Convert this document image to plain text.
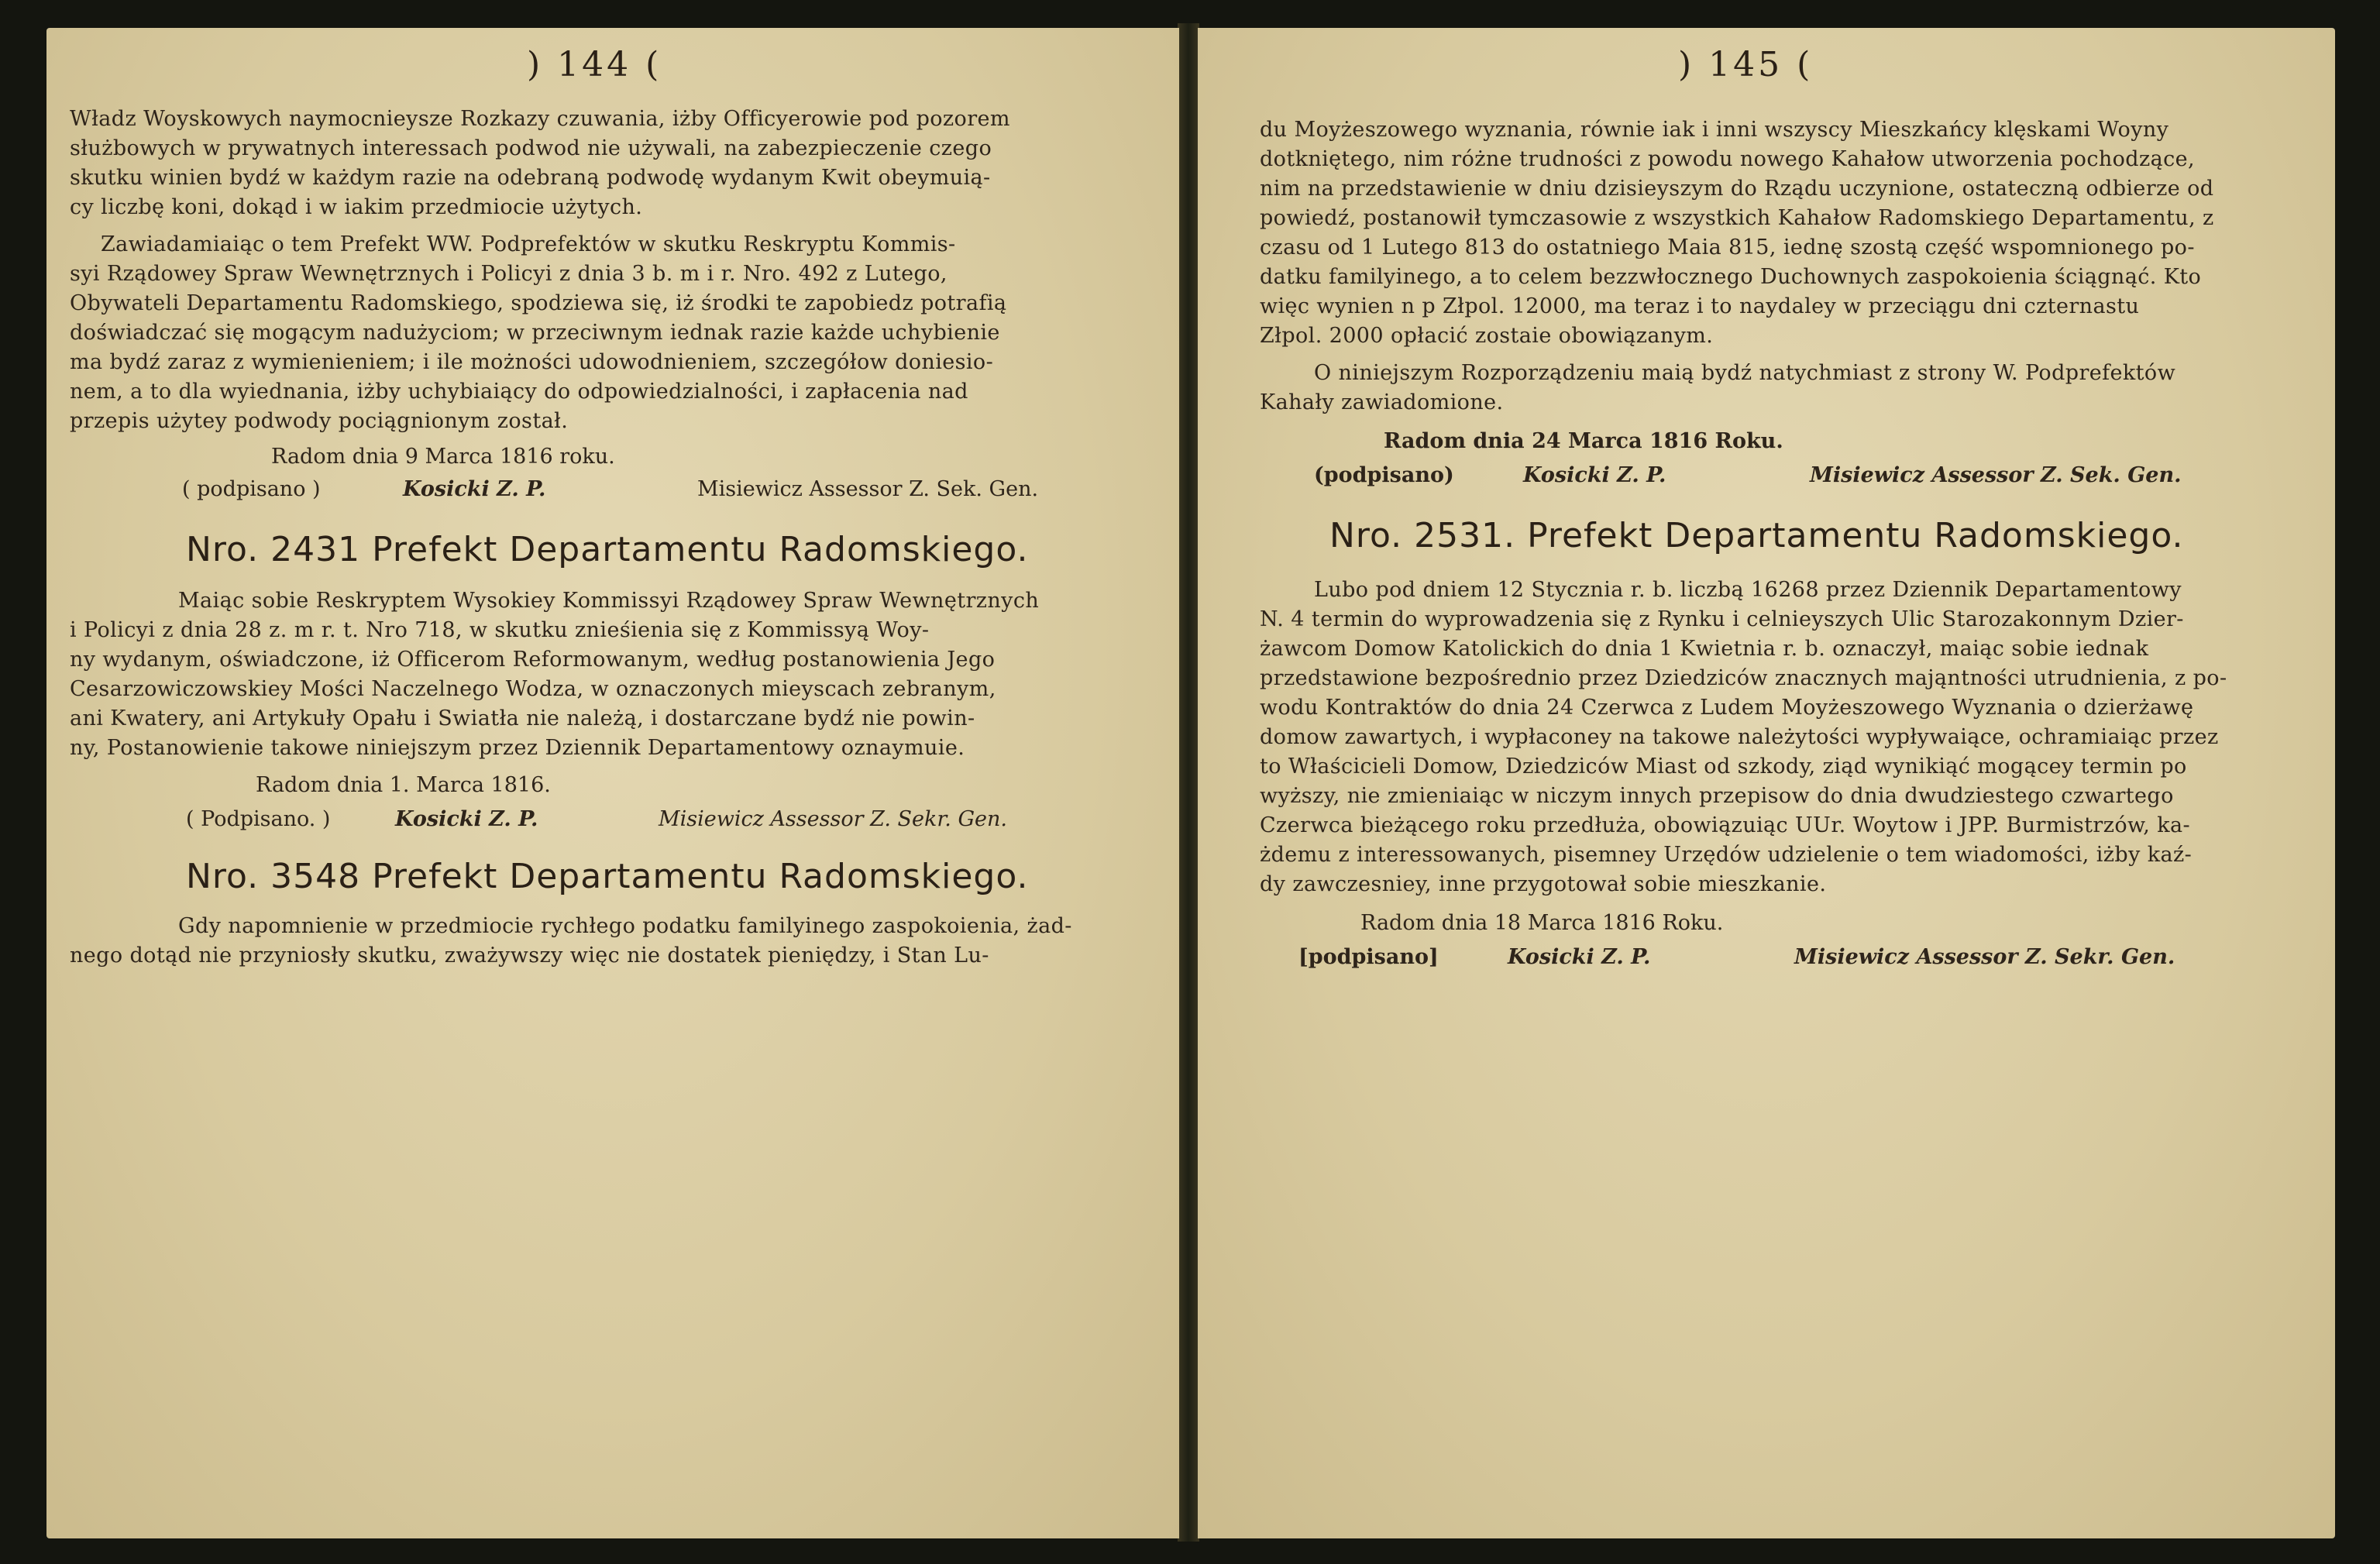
) 144 (
Władz Woyskowych naymocnieysze Rozkazy czuwania, iżby Officyerowie pod pozorem
służbowych w prywatnych interessach podwod nie używali, na zabezpieczenie czego
skutku winien bydź w każdym razie na odebraną podwodę wydanym Kwit obeymuią-
cy liczbę koni, dokąd i w iakim przedmiocie użytych.
Zawiadamiaiąc o tem Prefekt WW. Podprefektów w skutku Reskryptu Kommis-
syi Rządowey Spraw Wewnętrznych i Policyi z dnia 3 b. m i r. Nro. 492 z Lutego,
Obywateli Departamentu Radomskiego, spodziewa się, iż środki te zapobiedz potrafią
doświadczać się mogącym nadużyciom; w przeciwnym iednak razie każde uchybienie
ma bydź zaraz z wymienieniem; i ile możności udowodnieniem, szczegółow doniesio-
nem, a to dla wyiednania, iżby uchybiaiący do odpowiedzialności, i zapłacenia nad
przepis użytey podwody pociągnionym został.
Radom dnia 9 Marca 1816 roku.
( podpisano )	Kosicki Z. P.	Misiewicz Assessor Z. Sek. Gen.
Nro. 2431 Prefekt Departamentu Radomskiego.
Maiąc sobie Reskryptem Wysokiey Kommissyi Rządowey Spraw Wewnętrznych
i Policyi z dnia 28 z. m r. t. Nro 718, w skutku znieśienia się z Kommissyą Woy-
ny wydanym, oświadczone, iż Officerom Reformowanym, według postanowienia Jego
Cesarzowiczowskiey Mości Naczelnego Wodza, w oznaczonych mieyscach zebranym,
ani Kwatery, ani Artykuły Opału i Swiatła nie należą, i dostarczane bydź nie powin-
ny, Postanowienie takowe niniejszym przez Dziennik Departamentowy oznaymuie.
Radom dnia 1. Marca 1816.
( Podpisano. )	Kosicki Z. P.	Misiewicz Assessor Z. Sekr. Gen.
Nro. 3548 Prefekt Departamentu Radomskiego.
Gdy napomnienie w przedmiocie rychłego podatku familyinego zaspokoienia, żad-
nego dotąd nie przyniosły skutku, zważywszy więc nie dostatek pieniędzy, i Stan Lu-
) 145 (
du Moyżeszowego wyznania, równie iak i inni wszyscy Mieszkańcy klęskami Woyny
dotkniętego, nim różne trudności z powodu nowego Kahałow utworzenia pochodzące,
nim na przedstawienie w dniu dzisieyszym do Rządu uczynione, ostateczną odbierze od
powiedź, postanowił tymczasowie z wszystkich Kahałow Radomskiego Departamentu, z
czasu od 1 Lutego 813 do ostatniego Maia 815, iednę szostą część wspomnionego po-
datku familyinego, a to celem bezzwłocznego Duchownych zaspokoienia ściągnąć. Kto
więc wynien n p Złpol. 12000, ma teraz i to naydaley w przeciągu dni czternastu
Złpol. 2000 opłacić zostaie obowiązanym.
O niniejszym Rozporządzeniu maią bydź natychmiast z strony W. Podprefektów
Kahały zawiadomione.
Radom dnia 24 Marca 1816 Roku.
(podpisano)	Kosicki Z. P.	Misiewicz Assessor Z. Sek. Gen.
Nro. 2531. Prefekt Departamentu Radomskiego.
Lubo pod dniem 12 Stycznia r. b. liczbą 16268 przez Dziennik Departamentowy
N. 4 termin do wyprowadzenia się z Rynku i celnieyszych Ulic Starozakonnym Dzier-
żawcom Domow Katolickich do dnia 1 Kwietnia r. b. oznaczył, maiąc sobie iednak
przedstawione bezpośrednio przez Dziedziców znacznych mająntności utrudnienia, z po-
wodu Kontraktów do dnia 24 Czerwca z Ludem Moyżeszowego Wyznania o dzierżawę
domow zawartych, i wypłaconey na takowe należytości wypływaiące, ochramiaiąc przez
to Właścicieli Domow, Dziedziców Miast od szkody, ziąd wynikiąć mogącey termin po
wyższy, nie zmieniaiąc w niczym innych przepisow do dnia dwudziestego czwartego
Czerwca bieżącego roku przedłuża, obowiązuiąc UUr. Woytow i JPP. Burmistrzów, ka-
żdemu z interessowanych, pisemney Urzędów udzielenie o tem wiadomości, iżby kaź-
dy zawczesniey, inne przygotował sobie mieszkanie.
Radom dnia 18 Marca 1816 Roku.
[podpisano]	Kosicki Z. P.	Misiewicz Assessor Z. Sekr. Gen.
